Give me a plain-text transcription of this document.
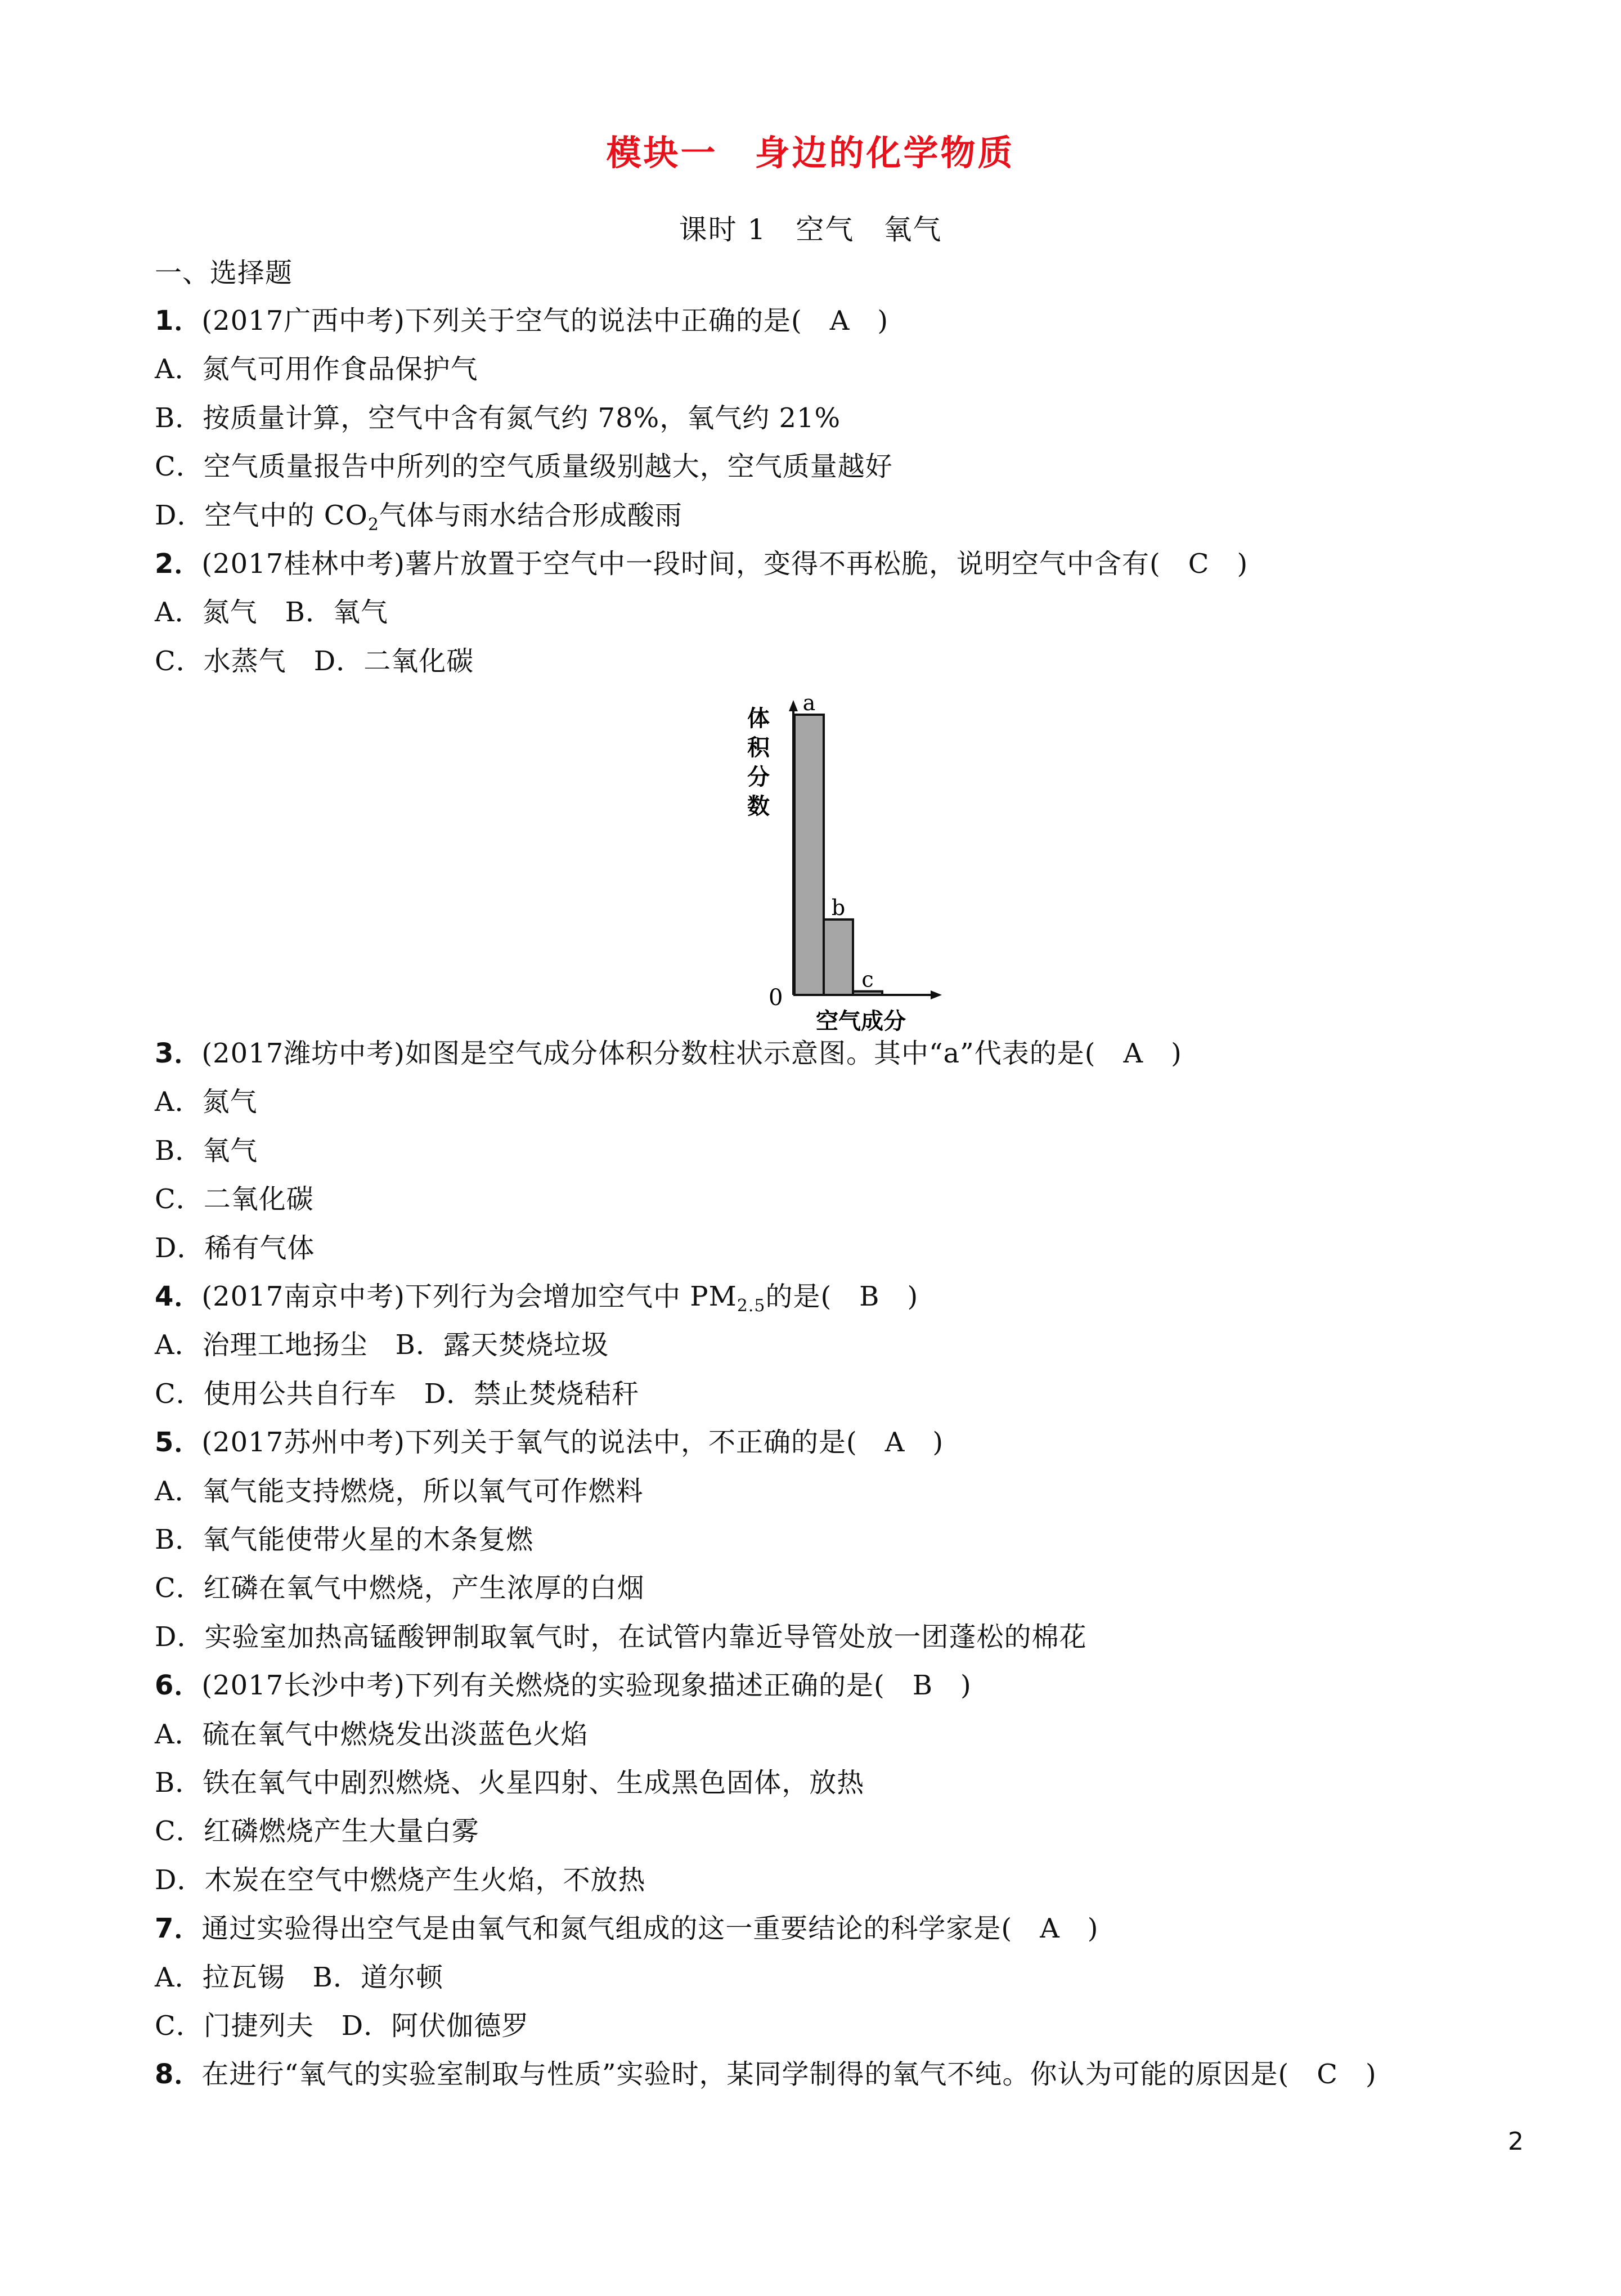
模块一　身边的化学物质
课时 1　空气　氧气
一、选择题
1．(2017广西中考)下列关于空气的说法中正确的是(　A　)
A．氮气可用作食品保护气
B．按质量计算，空气中含有氮气约 78%，氧气约 21%
C．空气质量报告中所列的空气质量级别越大，空气质量越好
D．空气中的 $CO_2$气体与雨水结合形成酸雨
2．(2017桂林中考)薯片放置于空气中一段时间，变得不再松脆，说明空气中含有(　C　)
A．氮气　B．氧气
C．水蒸气　D．二氧化碳
a
b
c
体
积
分
数
0
空气成分
3．(2017潍坊中考)如图是空气成分体积分数柱状示意图。其中“a”代表的是(　A　)
A．氮气
B．氧气
C．二氧化碳
D．稀有气体
4．(2017南京中考)下列行为会增加空气中 $PM_{2.5}$的是(　B　)
A．治理工地扬尘　B．露天焚烧垃圾
C．使用公共自行车　D．禁止焚烧秸秆
5．(2017苏州中考)下列关于氧气的说法中，不正确的是(　A　)
A．氧气能支持燃烧，所以氧气可作燃料
B．氧气能使带火星的木条复燃
C．红磷在氧气中燃烧，产生浓厚的白烟
D．实验室加热高锰酸钾制取氧气时，在试管内靠近导管处放一团蓬松的棉花
6．(2017长沙中考)下列有关燃烧的实验现象描述正确的是(　B　)
A．硫在氧气中燃烧发出淡蓝色火焰
B．铁在氧气中剧烈燃烧、火星四射、生成黑色固体，放热
C．红磷燃烧产生大量白雾
D．木炭在空气中燃烧产生火焰，不放热
7．通过实验得出空气是由氧气和氮气组成的这一重要结论的科学家是(　A　)
A．拉瓦锡　B．道尔顿
C．门捷列夫　D．阿伏伽德罗
8．在进行“氧气的实验室制取与性质”实验时，某同学制得的氧气不纯。你认为可能的原因是(　C　)
2
